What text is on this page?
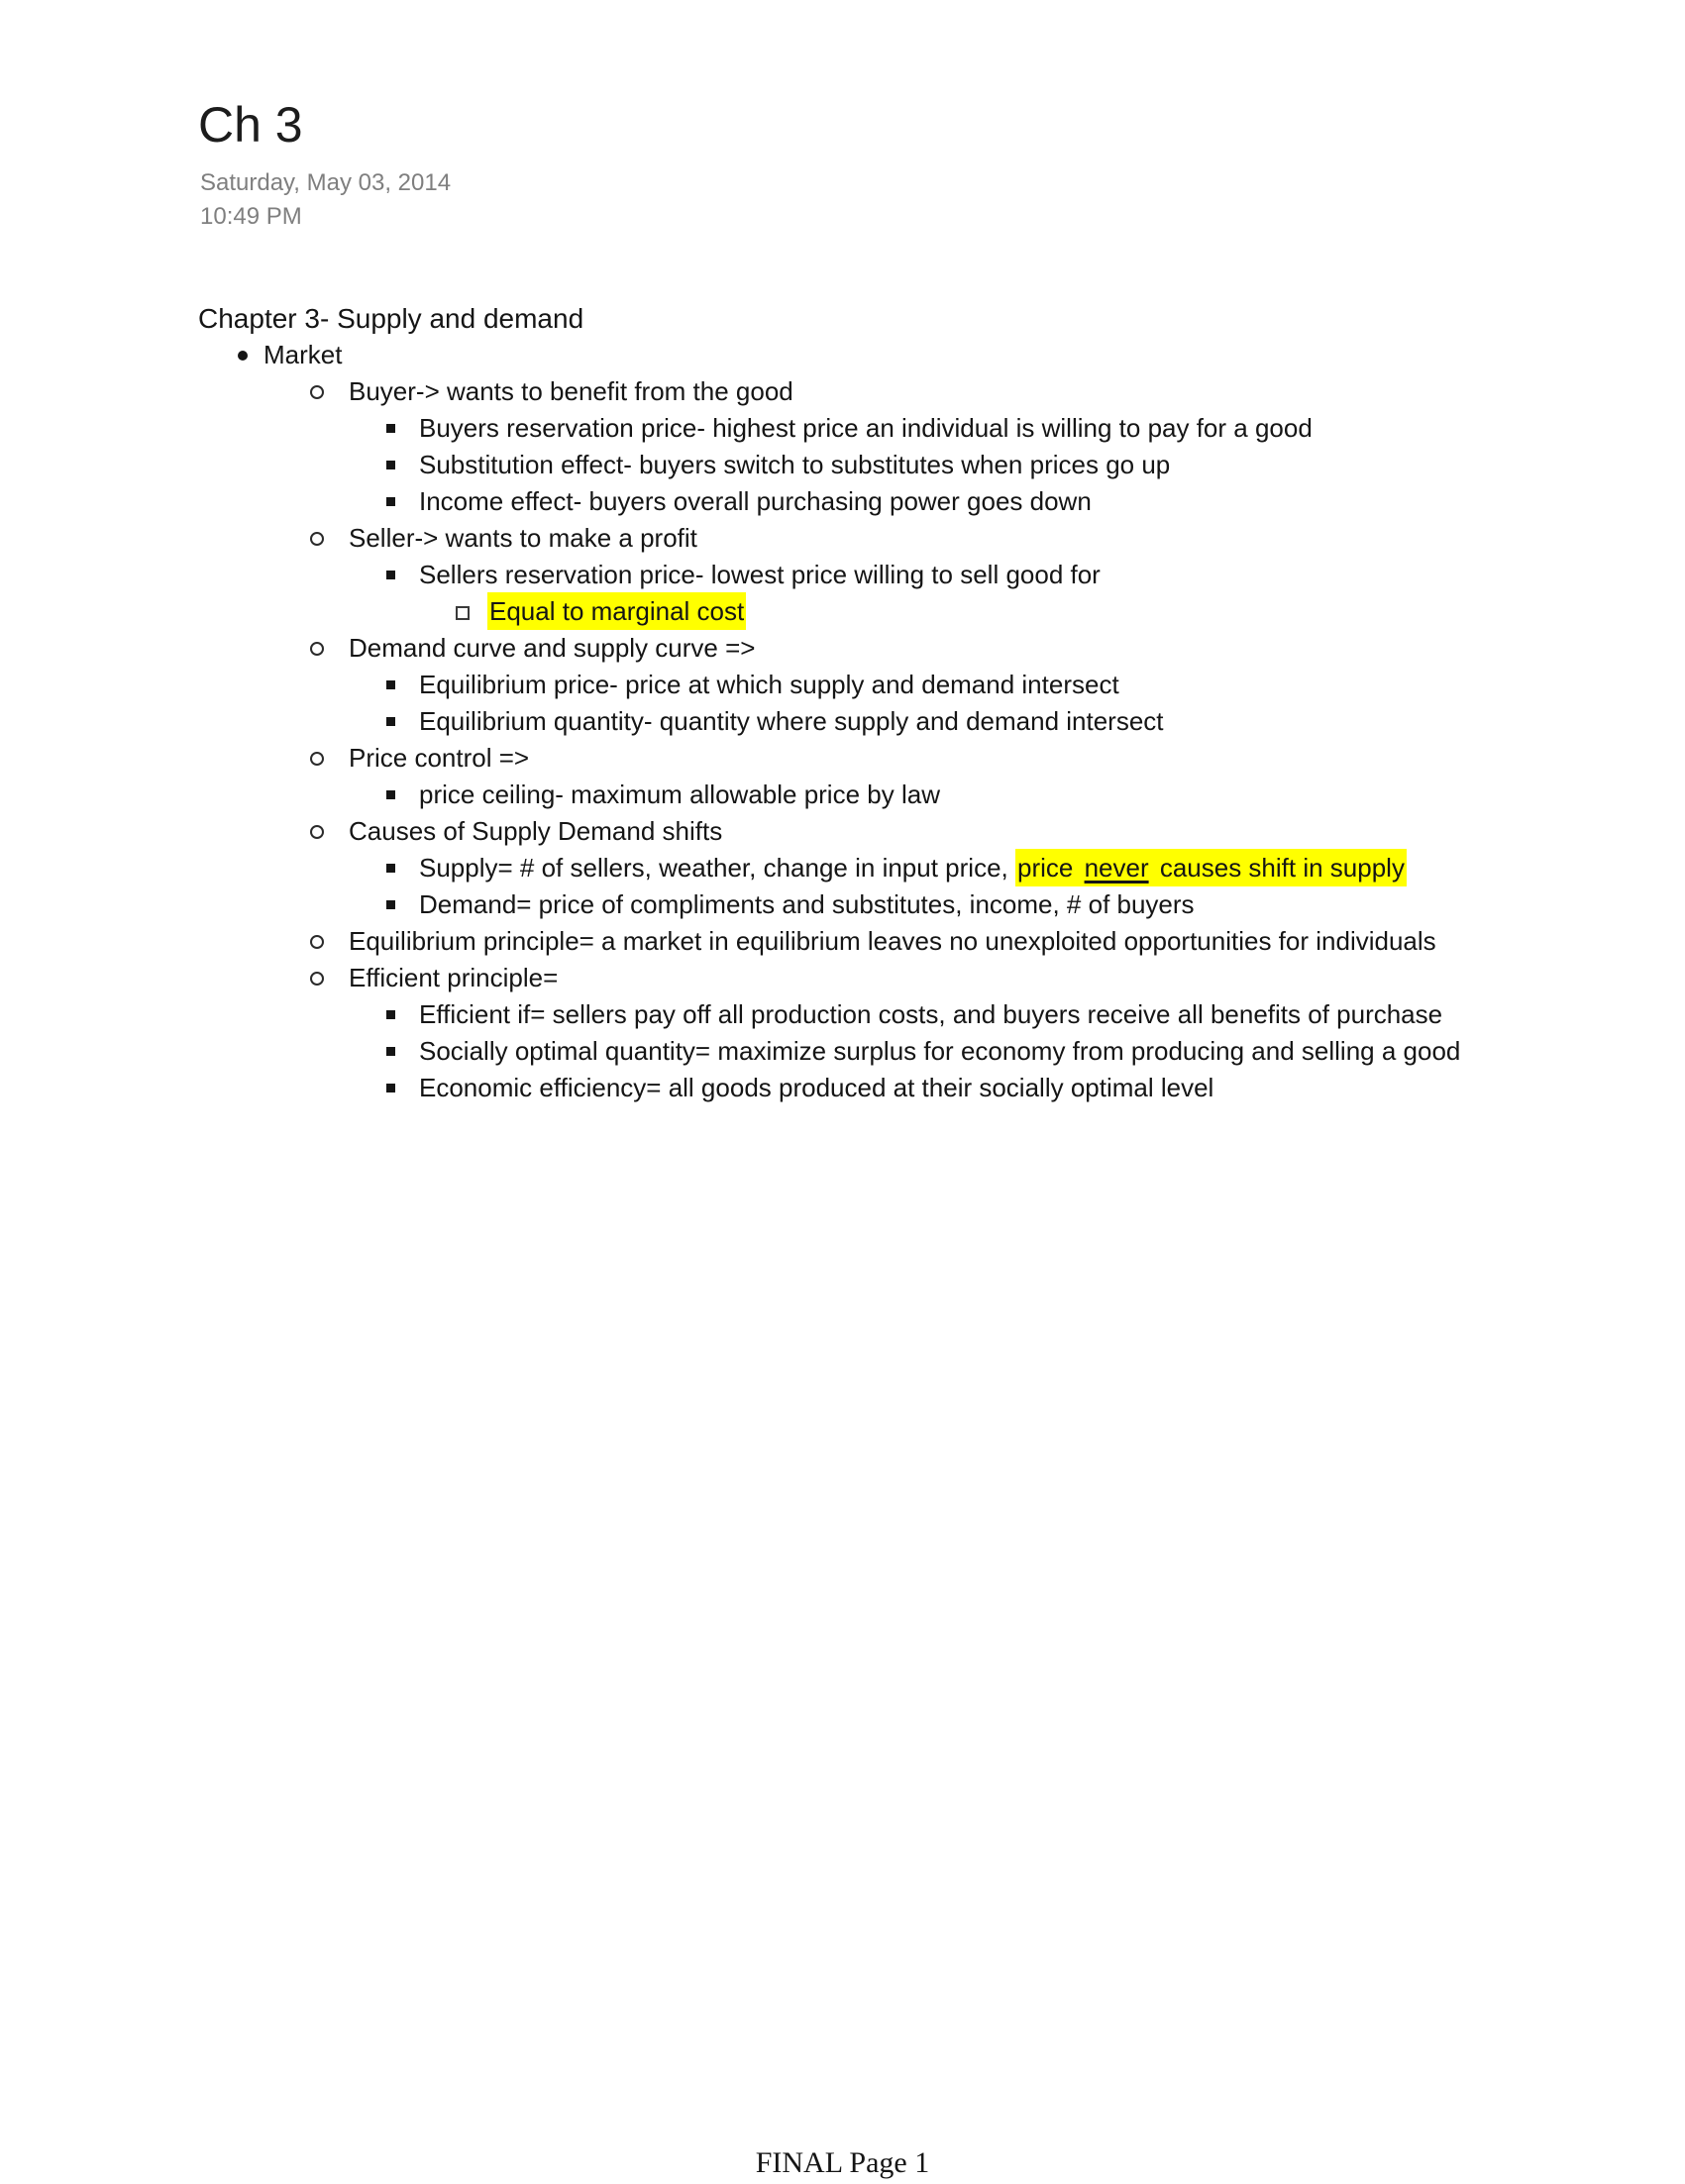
Ch 3
Saturday, May 03, 2014
10:49 PM

Chapter 3- Supply and demand

Market
Buyer-> wants to benefit from the good
Buyers reservation price- highest price an individual is willing to pay for a good
Substitution effect- buyers switch to substitutes when prices go up
Income effect- buyers overall purchasing power goes down
Seller-> wants to make a profit
Sellers reservation price- lowest price willing to sell good for
Equal to marginal cost
Demand curve and supply curve =>
Equilibrium price- price at which supply and demand intersect
Equilibrium quantity- quantity where supply and demand intersect
Price control =>
price ceiling- maximum allowable price by law
Causes of Supply Demand shifts
Supply= # of sellers, weather, change in input price, price never causes shift in supply
Demand= price of compliments and substitutes, income, # of buyers
Equilibrium principle= a market in equilibrium leaves no unexploited opportunities for individuals
Efficient principle=
Efficient if= sellers pay off all production costs, and buyers receive all benefits of purchase
Socially optimal quantity= maximize surplus for economy from producing and selling a good
Economic efficiency= all goods produced at their socially optimal level
FINAL Page 1
